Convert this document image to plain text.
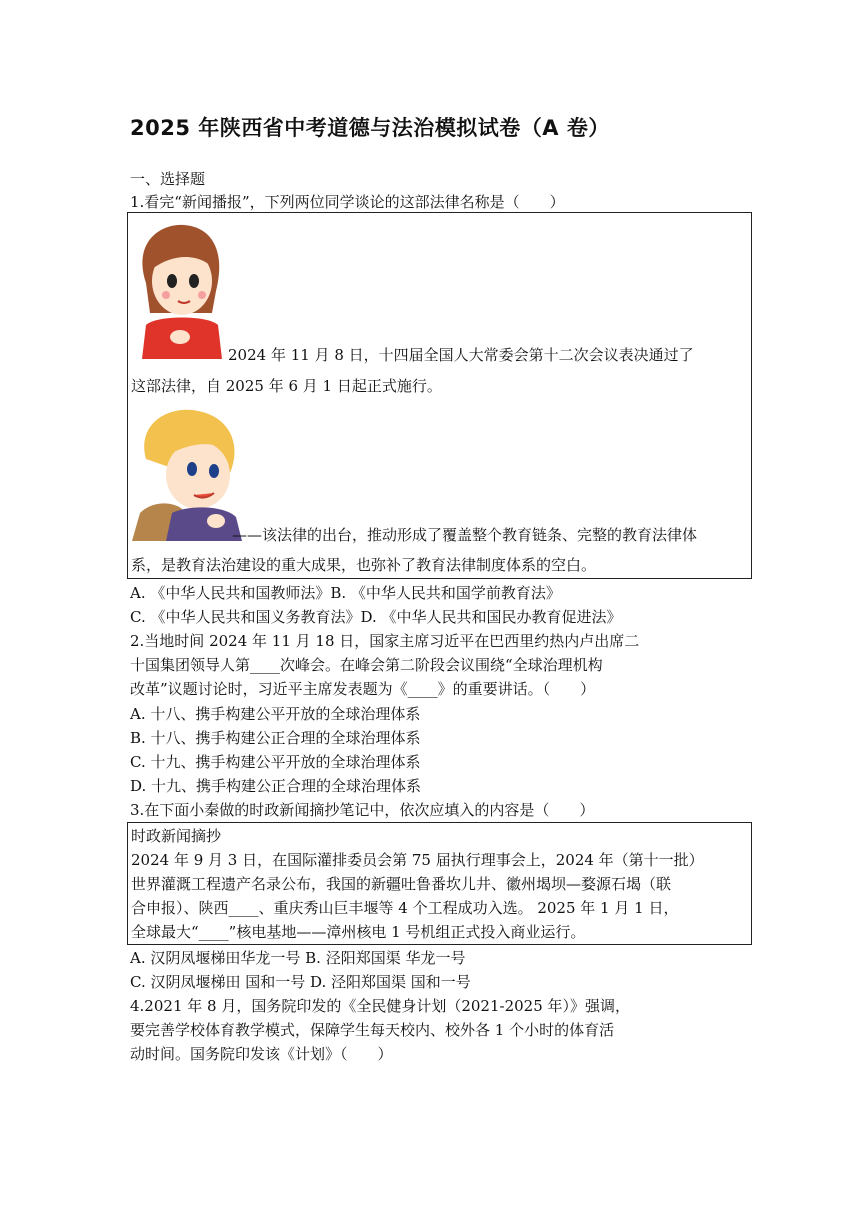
2025 年陕西省中考道德与法治模拟试卷（A 卷）
一、选择题
1.看完“新闻播报”，下列两位同学谈论的这部法律名称是（　　）
2024 年 11 月 8 日，十四届全国人大常委会第十二次会议表决通过了
这部法律，自 2025 年 6 月 1 日起正式施行。
——该法律的出台，推动形成了覆盖整个教育链条、完整的教育法律体
系，是教育法治建设的重大成果，也弥补了教育法律制度体系的空白。
A. 《中华人民共和国教师法》B. 《中华人民共和国学前教育法》
C. 《中华人民共和国义务教育法》D. 《中华人民共和国民办教育促进法》
2.当地时间 2024 年 11 月 18 日，国家主席习近平在巴西里约热内卢出席二
十国集团领导人第____次峰会。在峰会第二阶段会议围绕“全球治理机构
改革”议题讨论时，习近平主席发表题为《____》的重要讲话。（　　）
A. 十八、携手构建公平开放的全球治理体系
B. 十八、携手构建公正合理的全球治理体系
C. 十九、携手构建公平开放的全球治理体系
D. 十九、携手构建公正合理的全球治理体系
3.在下面小秦做的时政新闻摘抄笔记中，依次应填入的内容是（　　）
时政新闻摘抄
2024 年 9 月 3 日，在国际灌排委员会第 75 届执行理事会上，2024 年（第十一批）
世界灌溉工程遗产名录公布，我国的新疆吐鲁番坎儿井、徽州堨坝—婺源石堨（联
合申报）、陕西____、重庆秀山巨丰堰等 4 个工程成功入选。 2025 年 1 月 1 日，
全球最大“____”核电基地——漳州核电 1 号机组正式投入商业运行。
A. 汉阴凤堰梯田华龙一号 B. 泾阳郑国渠 华龙一号
C. 汉阴凤堰梯田 国和一号 D. 泾阳郑国渠 国和一号
4.2021 年 8 月，国务院印发的《全民健身计划（2021-2025 年）》强调，
要完善学校体育教学模式，保障学生每天校内、校外各 1 个小时的体育活
动时间。国务院印发该《计划》（　　）
